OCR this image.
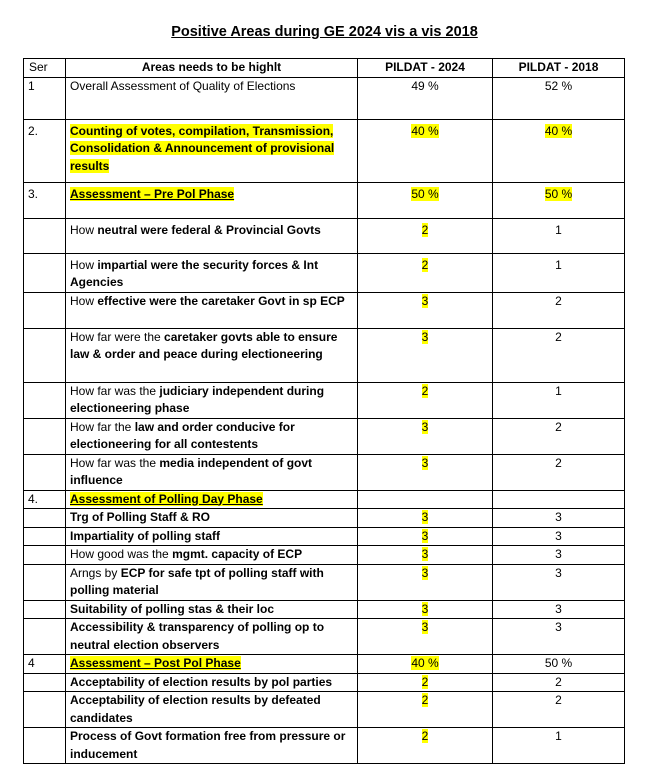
Positive Areas during GE 2024 vis a vis 2018
Ser	Areas needs to be highlt	PILDAT - 2024	PILDAT - 2018
1	Overall Assessment of Quality of Elections	49 %	52 %
2.	Counting of votes, compilation, Transmission, Consolidation & Announcement of provisional results	40 %	40 %
3.	Assessment – Pre Pol Phase	50 %	50 %
	How neutral were federal & Provincial Govts	2	1
	How impartial were the security forces & Int Agencies	2	1
	How effective were the caretaker Govt in sp ECP	3	2
	How far were the caretaker govts able to ensure law & order and peace during electioneering	3	2
	How far was the judiciary independent during electioneering phase	2	1
	How far the law and order conducive for electioneering for all contestents	3	2
	How far was the media independent of govt influence	3	2
4.	Assessment of Polling Day Phase		
	Trg of Polling Staff & RO	3	3
	Impartiality of polling staff	3	3
	How good was the mgmt. capacity of ECP	3	3
	Arngs by ECP for safe tpt of polling staff with polling material	3	3
	Suitability of polling stas & their loc	3	3
	Accessibility & transparency of polling op to neutral election observers	3	3
4	Assessment – Post Pol Phase	40 %	50 %
	Acceptability of election results by pol parties	2	2
	Acceptability of election results by defeated candidates	2	2
	Process of Govt formation free from pressure or inducement	2	1
